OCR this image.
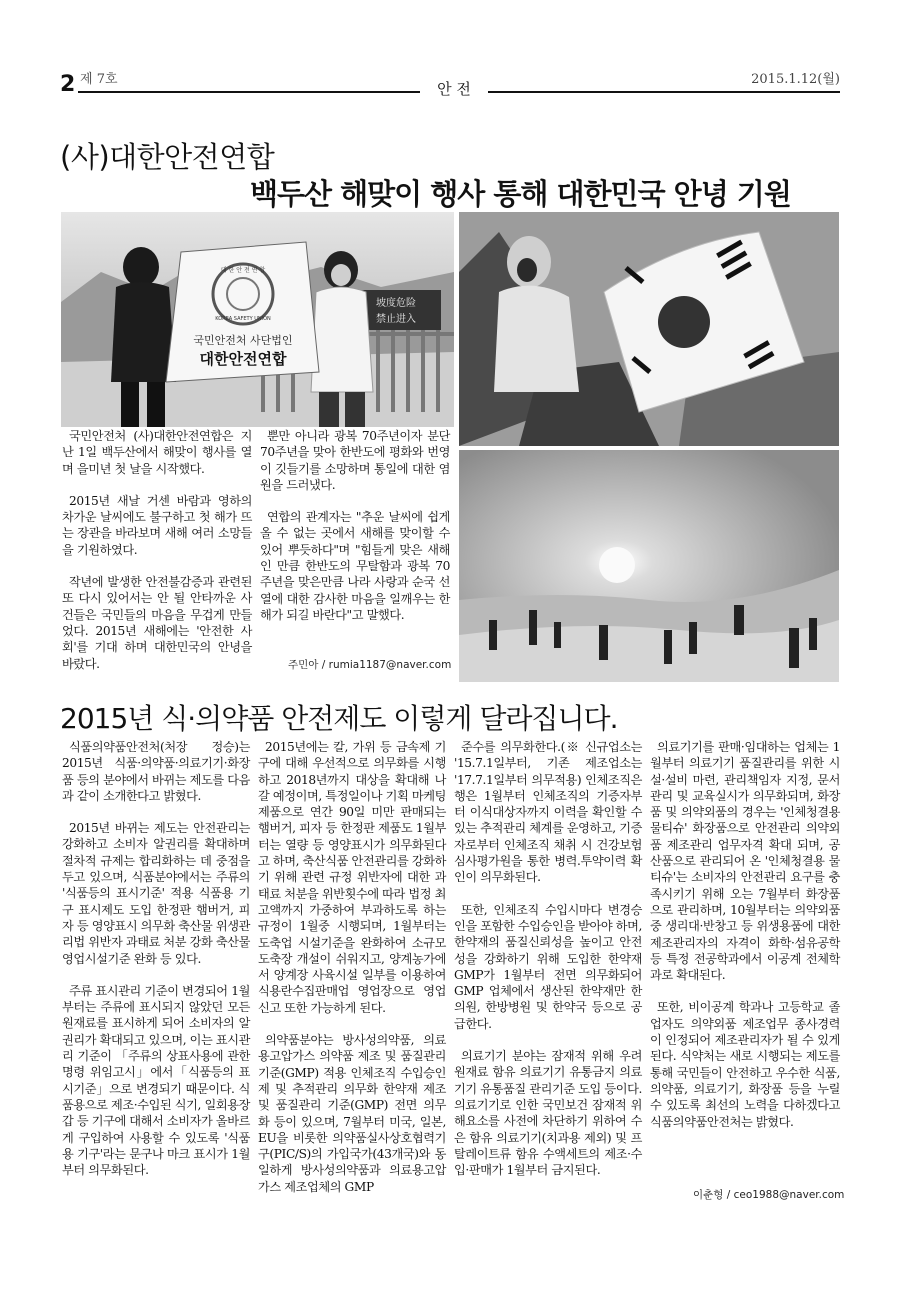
2 제 7호
안 전
2015.1.12(월)
(사)대한안전연합
백두산 해맞이 행사 통해 대한민국 안녕 기원
坡度危险
禁止进入
대 한 안 전 연 합
KOREA SAFETY UNION
국민안전처 사단법인
대한안전연합

국민안전처 (사)대한안전연합은 지난 1일 백두산에서 해맞이 행사를 열며 을미년 첫 날을 시작했다.

2015년 새날 거센 바람과 영하의 차가운 날씨에도 불구하고 첫 해가 뜨는 장관을 바라보며 새해 여러 소망들을 기원하였다.

작년에 발생한 안전불감증과 관련된 또 다시 있어서는 안 될 안타까운 사건들은 국민들의 마음을 무겁게 만들었다. 2015년 새해에는 '안전한 사회'를 기대 하며 대한민국의 안녕을 바랐다.

뿐만 아니라 광복 70주년이자 분단 70주년을 맞아 한반도에 평화와 번영이 깃들기를 소망하며 통일에 대한 염원을 드러냈다.

연합의 관계자는 "추운 날씨에 쉽게 올 수 없는 곳에서 새해를 맞이할 수 있어 뿌듯하다"며 "힘들게 맞은 새해인 만큼 한반도의 무탈함과 광복 70주년을 맞은만큼 나라 사랑과 순국 선열에 대한 감사한 마음을 일깨우는 한해가 되길 바란다"고 말했다.

주민아 / rumia1187@naver.com
2015년 식·의약품 안전제도 이렇게 달라집니다.

식품의약품안전처(처장 정승)는 2015년 식품·의약품·의료기기·화장품 등의 분야에서 바뀌는 제도를 다음과 같이 소개한다고 밝혔다.

2015년 바뀌는 제도는 안전관리는 강화하고 소비자 알권리를 확대하며 절차적 규제는 합리화하는 데 중점을 두고 있으며, 식품분야에서는 주류의 '식품등의 표시기준' 적용 식품용 기구 표시제도 도입 한정판 햄버거, 피자 등 영양표시 의무화 축산물 위생관리법 위반자 과태료 처분 강화 축산물 영업시설기준 완화 등 있다.

주류 표시관리 기준이 변경되어 1월부터는 주류에 표시되지 않았던 모든 원재료를 표시하게 되어 소비자의 알권리가 확대되고 있으며, 이는 표시관리 기준이 「주류의 상표사용에 관한 명령 위임고시」에서「식품등의 표시기준」으로 변경되기 때문이다. 식품용으로 제조·수입된 식기, 일회용장갑 등 기구에 대해서 소비자가 올바르게 구입하여 사용할 수 있도록 '식품용 기구'라는 문구나 마크 표시가 1월부터 의무화된다.

2015년에는 칼, 가위 등 금속제 기구에 대해 우선적으로 의무화를 시행하고 2018년까지 대상을 확대해 나갈 예정이며, 특정일이나 기획 마케팅 제품으로 연간 90일 미만 판매되는 햄버거, 피자 등 한정판 제품도 1월부터는 열량 등 영양표시가 의무화된다고 하며, 축산식품 안전관리를 강화하기 위해 관련 규정 위반자에 대한 과태료 처분을 위반횟수에 따라 법정 최고액까지 가중하여 부과하도록 하는 규정이 1월중 시행되며, 1월부터는 도축업 시설기준을 완화하여 소규모 도축장 개설이 쉬워지고, 양계농가에서 양계장 사육시설 일부를 이용하여 식용란수집판매업 영업장으로 영업신고 또한 가능하게 된다.

의약품분야는 방사성의약품, 의료용고압가스 의약품 제조 및 품질관리기준(GMP) 적용 인체조직 수입승인제 및 추적관리 의무화 한약재 제조 및 품질관리 기준(GMP) 전면 의무화 등이 있으며, 7월부터 미국, 일본, EU을 비롯한 의약품실사상호협력기구(PIC/S)의 가입국가(43개국)와 동일하게 방사성의약품과 의료용고압가스 제조업체의 GMP

준수를 의무화한다.(※ 신규업소는 '15.7.1일부터, 기존 제조업소는 '17.7.1일부터 의무적용) 인체조직은행은 1월부터 인체조직의 기증자부터 이식대상자까지 이력을 확인할 수 있는 추적관리 체계를 운영하고, 기증자로부터 인체조직 채취 시 건강보험심사평가원을 통한 병력.투약이력 확인이 의무화된다.

또한, 인체조직 수입시마다 변경승인을 포함한 수입승인을 받아야 하며, 한약재의 품질신뢰성을 높이고 안전성을 강화하기 위해 도입한 한약재 GMP가 1월부터 전면 의무화되어 GMP 업체에서 생산된 한약재만 한의원, 한방병원 및 한약국 등으로 공급한다.

의료기기 분야는 잠재적 위해 우려 원재료 함유 의료기기 유통금지 의료기기 유통품질 관리기준 도입 등이다. 의료기기로 인한 국민보건 잠재적 위해요소를 사전에 차단하기 위하여 수은 함유 의료기기(치과용 제외) 및 프탈레이트류 함유 수액세트의 제조·수입·판매가 1월부터 금지된다.

의료기기를 판매·임대하는 업체는 1월부터 의료기기 품질관리를 위한 시설·설비 마련, 관리책임자 지정, 문서관리 및 교육실시가 의무화되며, 화장품 및 의약외품의 경우는 '인체청결용 물티슈' 화장품으로 안전관리 의약외품 제조관리 업무자격 확대 되며, 공산품으로 관리되어 온 '인체청결용 물티슈'는 소비자의 안전관리 요구를 충족시키기 위해 오는 7월부터 화장품으로 관리하며, 10월부터는 의약외품 중 생리대·반창고 등 위생용품에 대한 제조관리자의 자격이 화학·섬유공학 등 특정 전공학과에서 이공계 전체학과로 확대된다.

또한, 비이공계 학과나 고등학교 졸업자도 의약외품 제조업무 종사경력이 인정되어 제조관리자가 될 수 있게 된다. 식약처는 새로 시행되는 제도를 통해 국민들이 안전하고 우수한 식품, 의약품, 의료기기, 화장품 등을 누릴 수 있도록 최선의 노력을 다하겠다고 식품의약품안전처는 밝혔다.

이춘형 / ceo1988@naver.com
